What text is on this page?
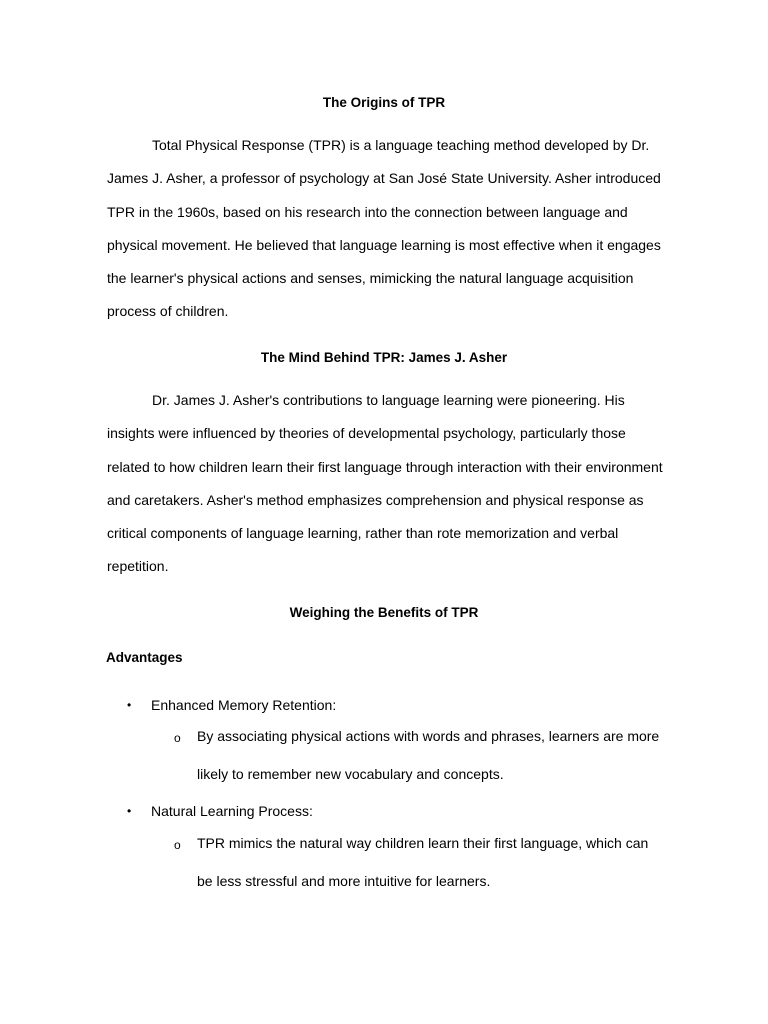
The Origins of TPR
Total Physical Response (TPR) is a language teaching method developed by Dr.
James J. Asher, a professor of psychology at San José State University. Asher introduced
TPR in the 1960s, based on his research into the connection between language and
physical movement. He believed that language learning is most effective when it engages
the learner's physical actions and senses, mimicking the natural language acquisition
process of children.
The Mind Behind TPR: James J. Asher
Dr. James J. Asher's contributions to language learning were pioneering. His
insights were influenced by theories of developmental psychology, particularly those
related to how children learn their first language through interaction with their environment
and caretakers. Asher's method emphasizes comprehension and physical response as
critical components of language learning, rather than rote memorization and verbal
repetition.
Weighing the Benefits of TPR
Advantages
• Enhanced Memory Retention:
o By associating physical actions with words and phrases, learners are more
likely to remember new vocabulary and concepts.
• Natural Learning Process:
o TPR mimics the natural way children learn their first language, which can
be less stressful and more intuitive for learners.
